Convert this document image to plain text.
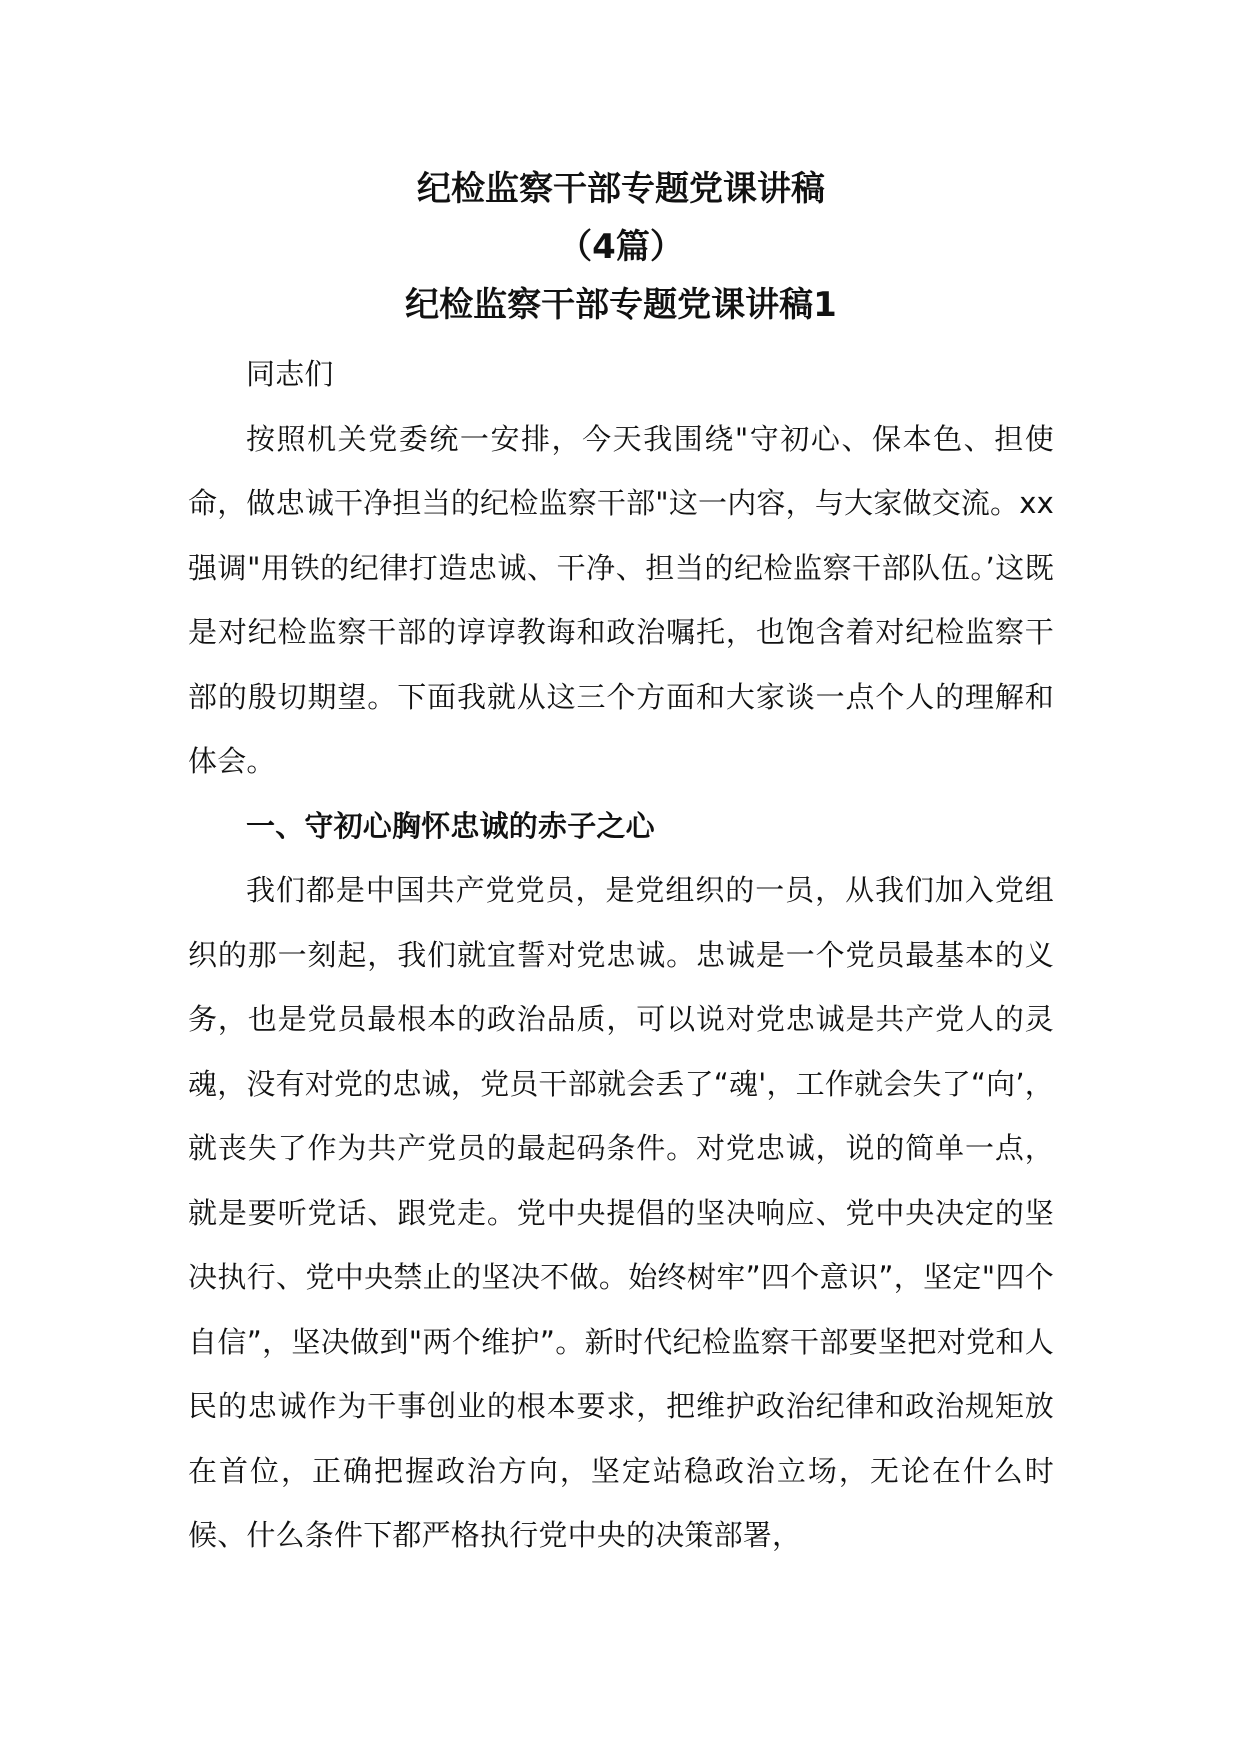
纪检监察干部专题党课讲稿
（4篇）
纪检监察干部专题党课讲稿1

同志们

按照机关党委统一安排，今天我围绕"守初心、保本色、担使命，做忠诚干净担当的纪检监察干部"这一内容，与大家做交流。xx强调"用铁的纪律打造忠诚、干净、担当的纪检监察干部队伍。’这既是对纪检监察干部的谆谆教诲和政治嘱托，也饱含着对纪检监察干部的殷切期望。下面我就从这三个方面和大家谈一点个人的理解和体会。

一、守初心胸怀忠诚的赤子之心

我们都是中国共产党党员，是党组织的一员，从我们加入党组织的那一刻起，我们就宜誓对党忠诚。忠诚是一个党员最基本的义务，也是党员最根本的政治品质，可以说对党忠诚是共产党人的灵魂，没有对党的忠诚，党员干部就会丢了“魂'，工作就会失了“向’，就丧失了作为共产党员的最起码条件。对党忠诚，说的简单一点，就是要听党话、跟党走。党中央提倡的坚决响应、党中央决定的坚决执行、党中央禁止的坚决不做。始终树牢”四个意识”，坚定"四个自信”，坚决做到"两个维护”。新时代纪检监察干部要坚把对党和人民的忠诚作为干事创业的根本要求，把维护政治纪律和政治规矩放在首位，正确把握政治方向，坚定站稳政治立场，无论在什么时候、什么条件下都严格执行党中央的决策部署，
